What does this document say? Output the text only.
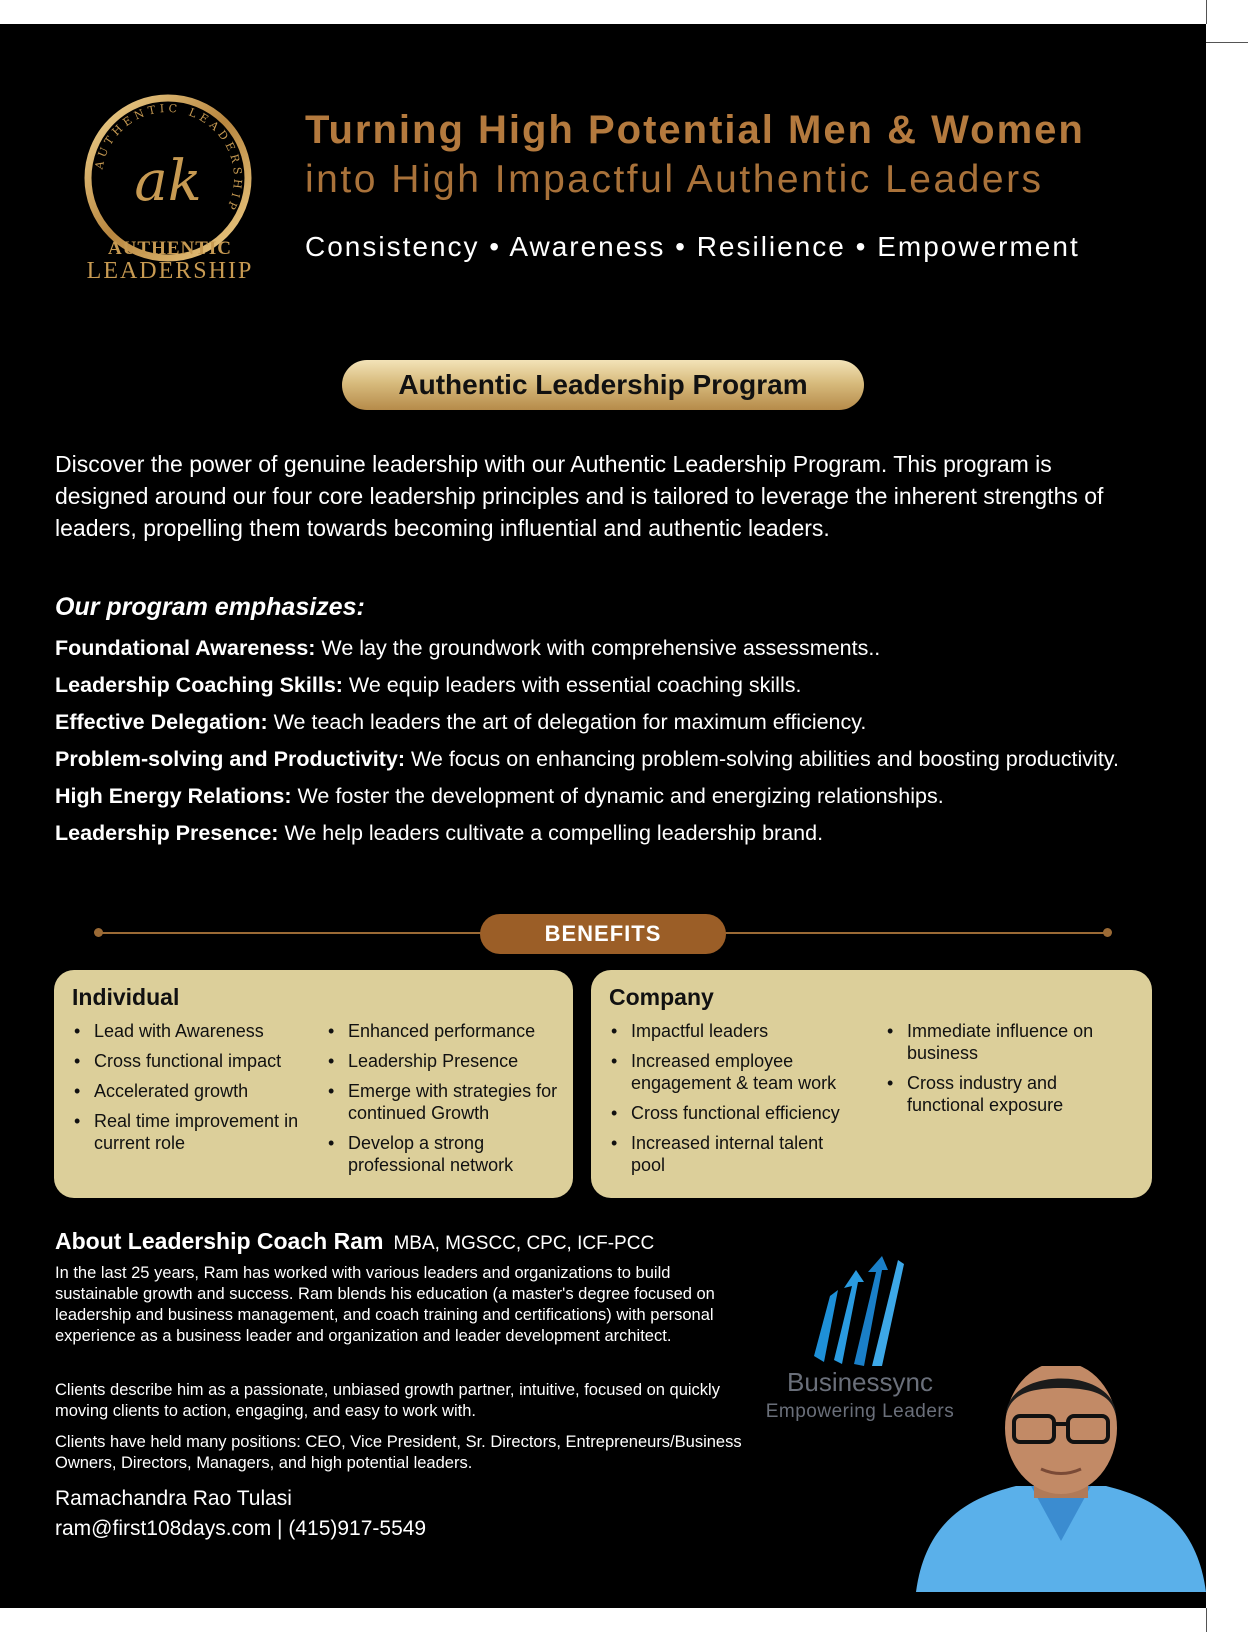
AUTHENTIC LEADERSHIP
ak
AUTHENTIC
LEADERSHIP
Turning High Potential Men & Women
into High Impactful Authentic Leaders
Consistency • Awareness • Resilience • Empowerment
Authentic Leadership Program
Discover the power of genuine leadership with our Authentic Leadership Program. This program is designed around our four core leadership principles and is tailored to leverage the inherent strengths of leaders, propelling them towards becoming influential and authentic leaders.
Our program emphasizes:
Foundational Awareness: We lay the groundwork with comprehensive assessments..
Leadership Coaching Skills: We equip leaders with essential coaching skills.
Effective Delegation: We teach leaders the art of delegation for maximum efficiency.
Problem-solving and Productivity: We focus on enhancing problem-solving abilities and boosting productivity.
High Energy Relations: We foster the development of dynamic and energizing relationships.
Leadership Presence: We help leaders cultivate a compelling leadership brand.
BENEFITS
Individual
• Lead with Awareness
• Cross functional impact
• Accelerated growth
• Real time improvement in current role
• Enhanced performance
• Leadership Presence
• Emerge with strategies for continued Growth
• Develop a strong professional network
Company
• Impactful leaders
• Increased employee engagement & team work
• Cross functional efficiency
• Increased internal talent pool
• Immediate influence on business
• Cross industry and functional exposure
About Leadership Coach Ram MBA, MGSCC, CPC, ICF-PCC

In the last 25 years, Ram has worked with various leaders and organizations to build sustainable growth and success. Ram blends his education (a master's degree focused on leadership and business management, and coach training and certifications) with personal experience as a business leader and organization and leader development architect.

Clients describe him as a passionate, unbiased growth partner, intuitive, focused on quickly moving clients to action, engaging, and easy to work with.

Clients have held many positions: CEO, Vice President, Sr. Directors, Entrepreneurs/Business Owners, Directors, Managers, and high potential leaders.

Ramachandra Rao Tulasi
ram@first108days.com | (415)917-5549
Businessync
Empowering Leaders
